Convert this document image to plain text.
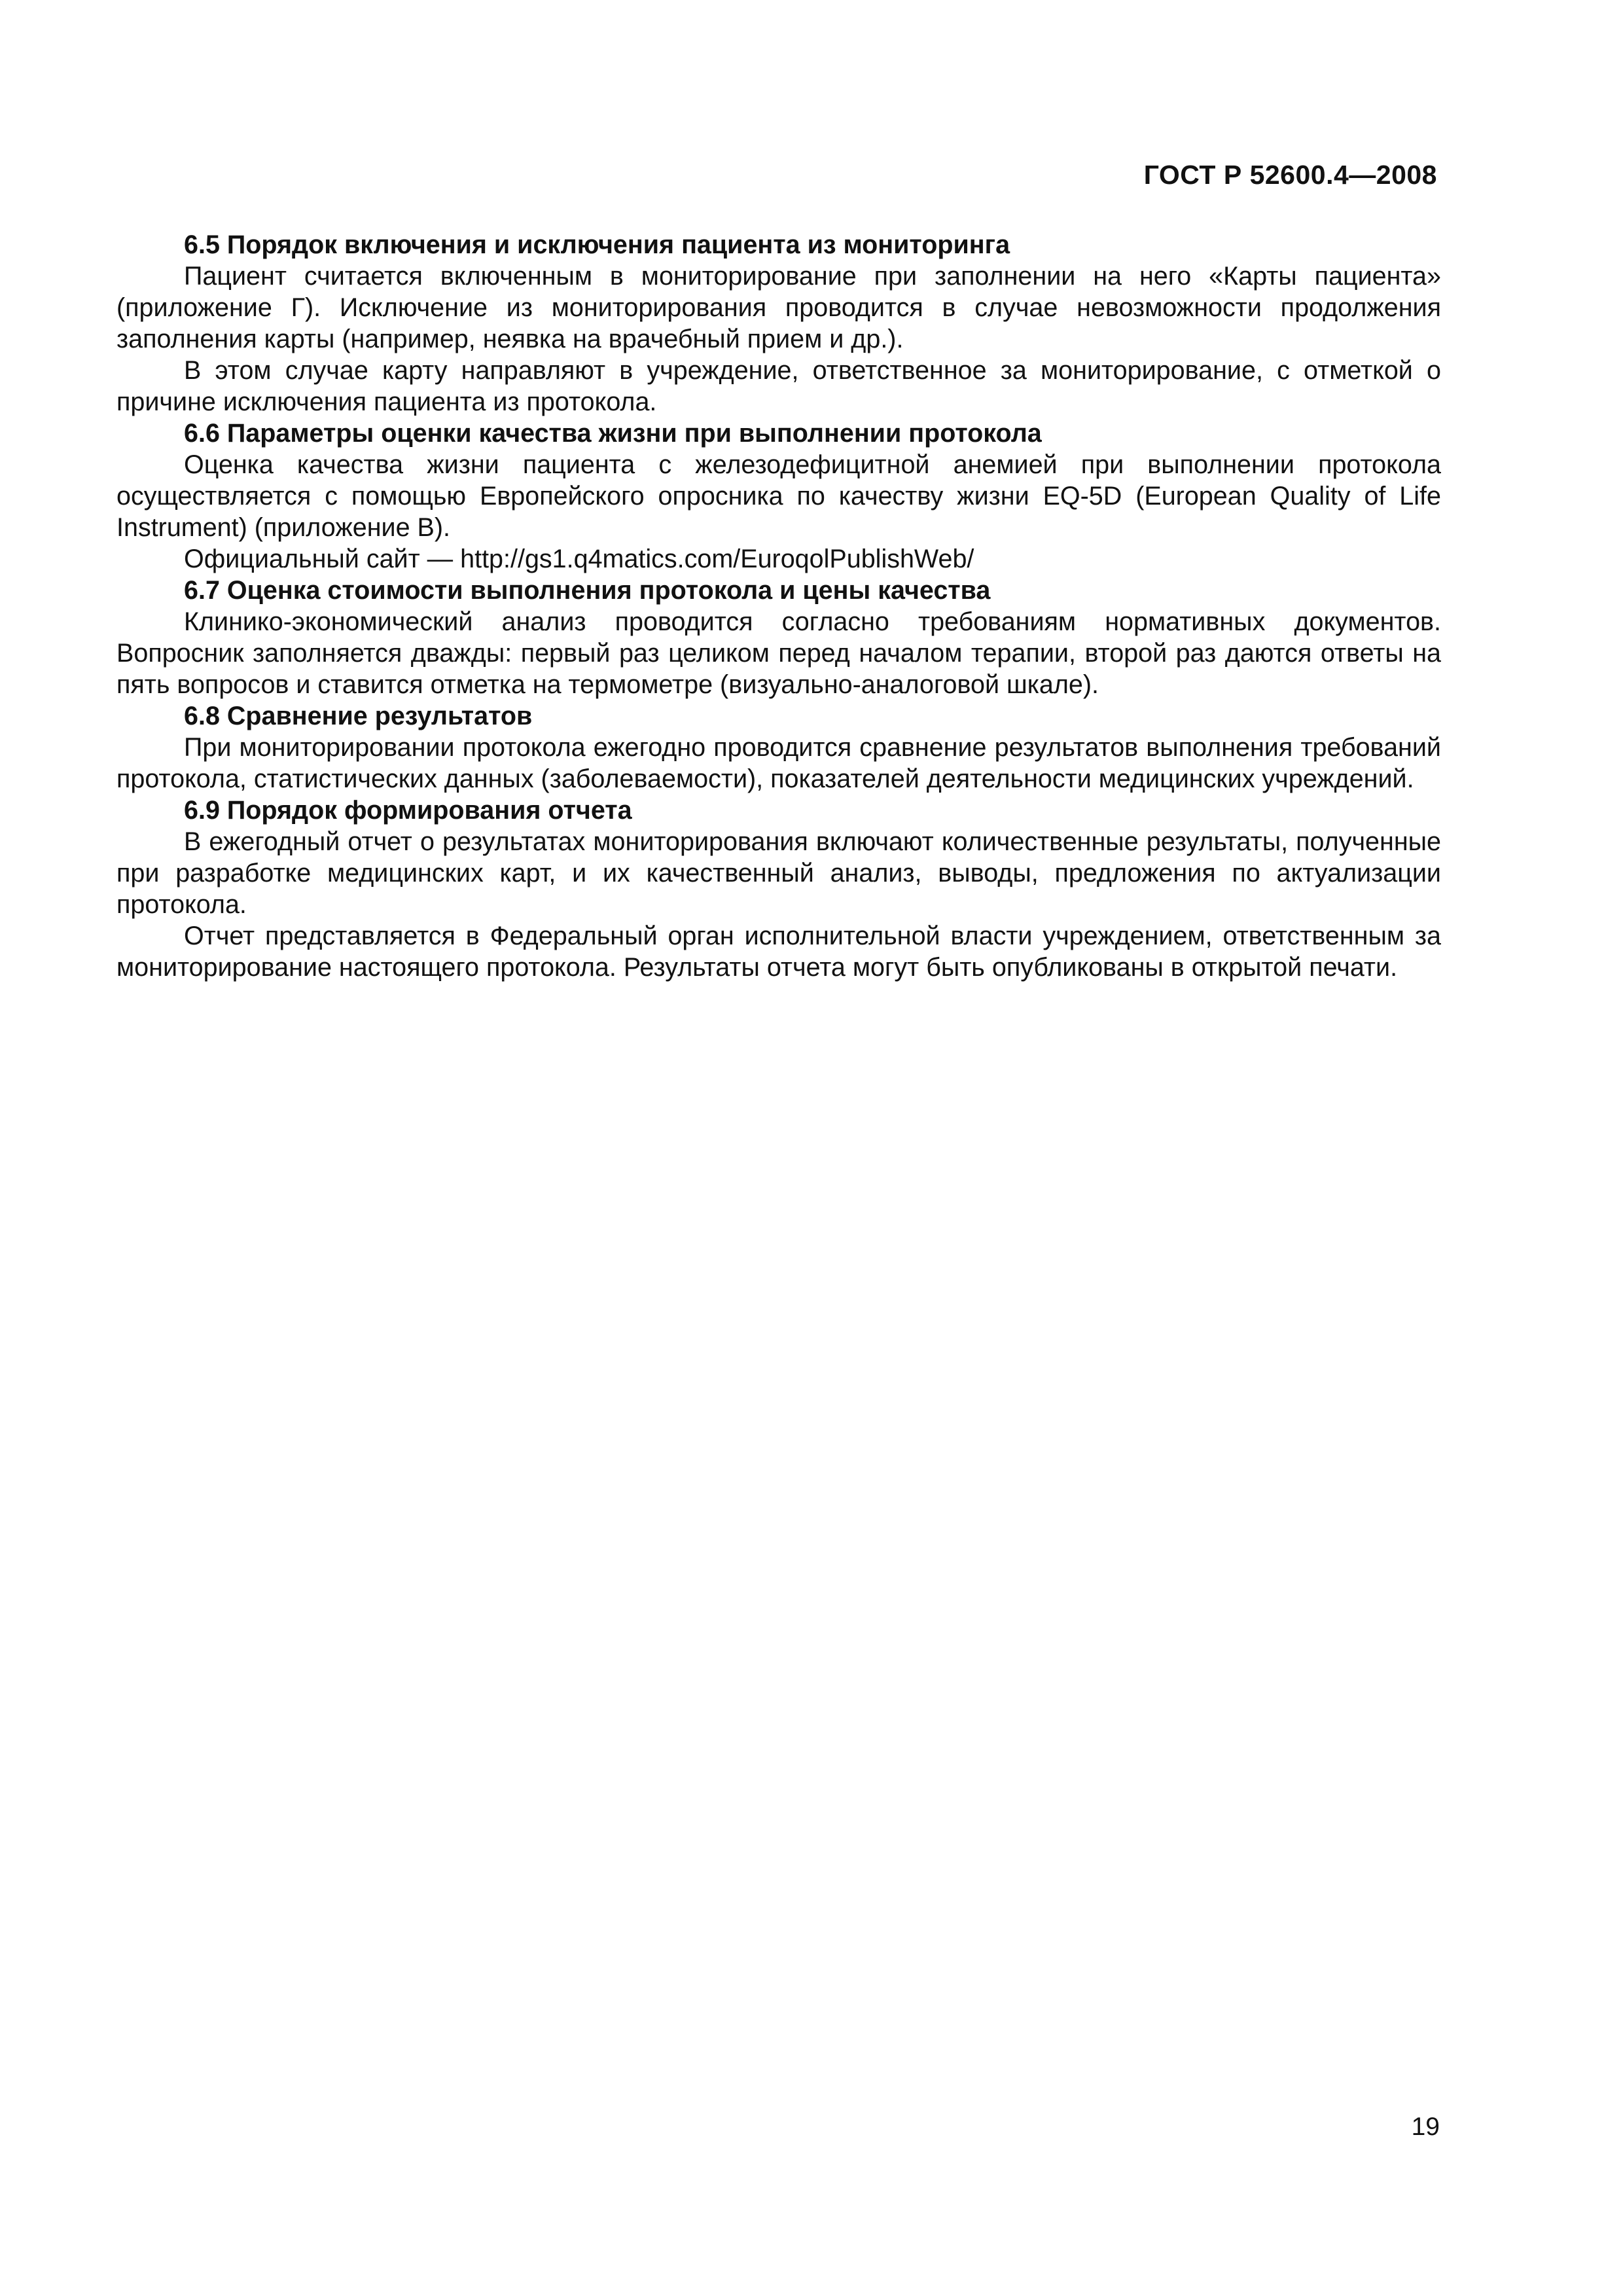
ГОСТ Р 52600.4—2008

6.5 Порядок включения и исключения пациента из мониторинга

Пациент считается включенным в мониторирование при заполнении на него «Карты пациента» (приложение Г). Исключение из мониторирования проводится в случае невозможности продолжения заполнения карты (например, неявка на врачебный прием и др.).

В этом случае карту направляют в учреждение, ответственное за мониторирование, с отметкой о причине исключения пациента из протокола.

6.6 Параметры оценки качества жизни при выполнении протокола

Оценка качества жизни пациента с железодефицитной анемией при выполнении протокола осуществляется с помощью Европейского опросника по качеству жизни EQ-5D (European Quality of Life Instrument) (приложение В).

Официальный сайт — http://gs1.q4matics.com/EuroqolPublishWeb/

6.7 Оценка стоимости выполнения протокола и цены качества

Клинико-экономический анализ проводится согласно требованиям нормативных документов. Вопросник заполняется дважды: первый раз целиком перед началом терапии, второй раз даются ответы на пять вопросов и ставится отметка на термометре (визуально-аналоговой шкале).

6.8 Сравнение результатов

При мониторировании протокола ежегодно проводится сравнение результатов выполнения требований протокола, статистических данных (заболеваемости), показателей деятельности медицинских учреждений.

6.9 Порядок формирования отчета

В ежегодный отчет о результатах мониторирования включают количественные результаты, полученные при разработке медицинских карт, и их качественный анализ, выводы, предложения по актуализации протокола.

Отчет представляется в Федеральный орган исполнительной власти учреждением, ответственным за мониторирование настоящего протокола. Результаты отчета могут быть опубликованы в открытой печати.

19
